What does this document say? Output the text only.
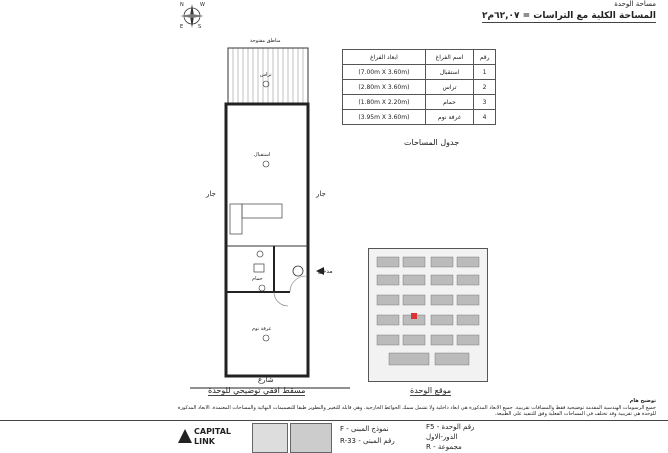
N
S
E
W	مساحة الوحدة
المساحة الكلية مع التراسات = ٦٢,٠٧م٢
مناطق مفتوحة
تراس
استقبال
حمام
غرفة نوم
جار	جار
مدخل
شارع
مسقط افقي توضيحي للوحدة
رقم	اسم الفراغ	ابعاد الفراغ
1	استقبال	(7.00m X 3.60m)
2	تراس	(2.80m X 3.60m)
3	حمام	(1.80m X 2.20m)
4	غرفة نوم	(3.95m X 3.60m)
جدول المساحات
موقع الوحدة
توضيح هام
جميع الرسومات الهندسية المقدمة توضيحية فقط والمسافات تقريبية. جميع الابعاد المذكورة هي ابعاد داخلية ولا تشمل سمك الحوائط الخارجية. وهي قابلة للتغيير والتطوير طبقا للتصميمات النهائية والمساحات المعتمدة. الابعاد المذكورة للوحدة هي تقريبية وقد تختلف في المساحات الفعلية وفق للتنفيذ على الطبيعة.
CAPITAL
LINK
نموذج المبنى - F
رقم المبنى - R-33
رقم الوحدة - F5
الدور-الاول
مجموعة - R
